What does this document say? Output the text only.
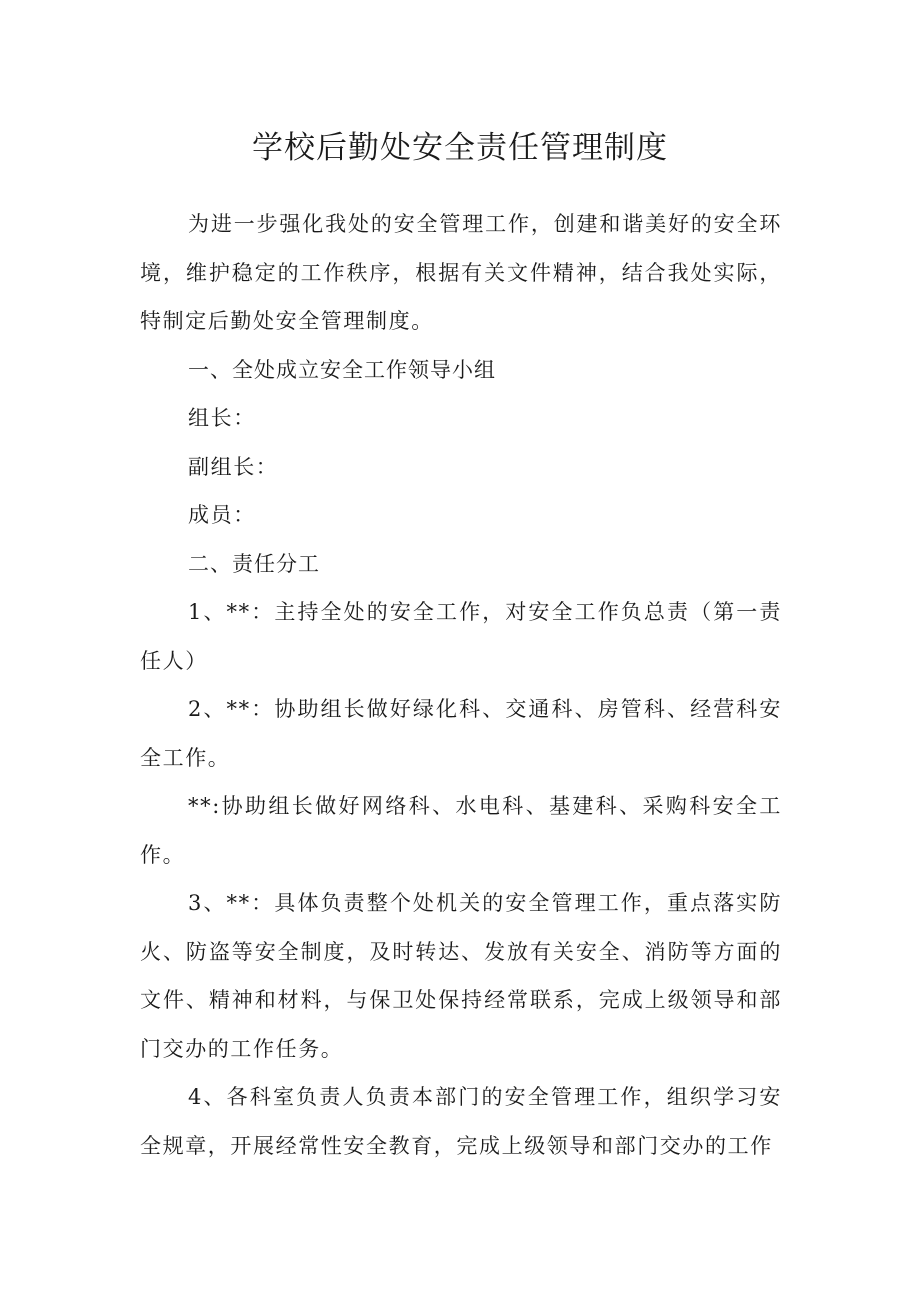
学校后勤处安全责任管理制度

为进一步强化我处的安全管理工作，创建和谐美好的安全环境，维护稳定的工作秩序，根据有关文件精神，结合我处实际，特制定后勤处安全管理制度。

一、全处成立安全工作领导小组

组长：

副组长：

成员：

二、责任分工

1、**：主持全处的安全工作，对安全工作负总责（第一责任人）

2、**：协助组长做好绿化科、交通科、房管科、经营科安全工作。

**:协助组长做好网络科、水电科、基建科、采购科安全工作。

3、**：具体负责整个处机关的安全管理工作，重点落实防火、防盗等安全制度，及时转达、发放有关安全、消防等方面的文件、精神和材料，与保卫处保持经常联系，完成上级领导和部门交办的工作任务。

4、各科室负责人负责本部门的安全管理工作，组织学习安全规章，开展经常性安全教育，完成上级领导和部门交办的工作
